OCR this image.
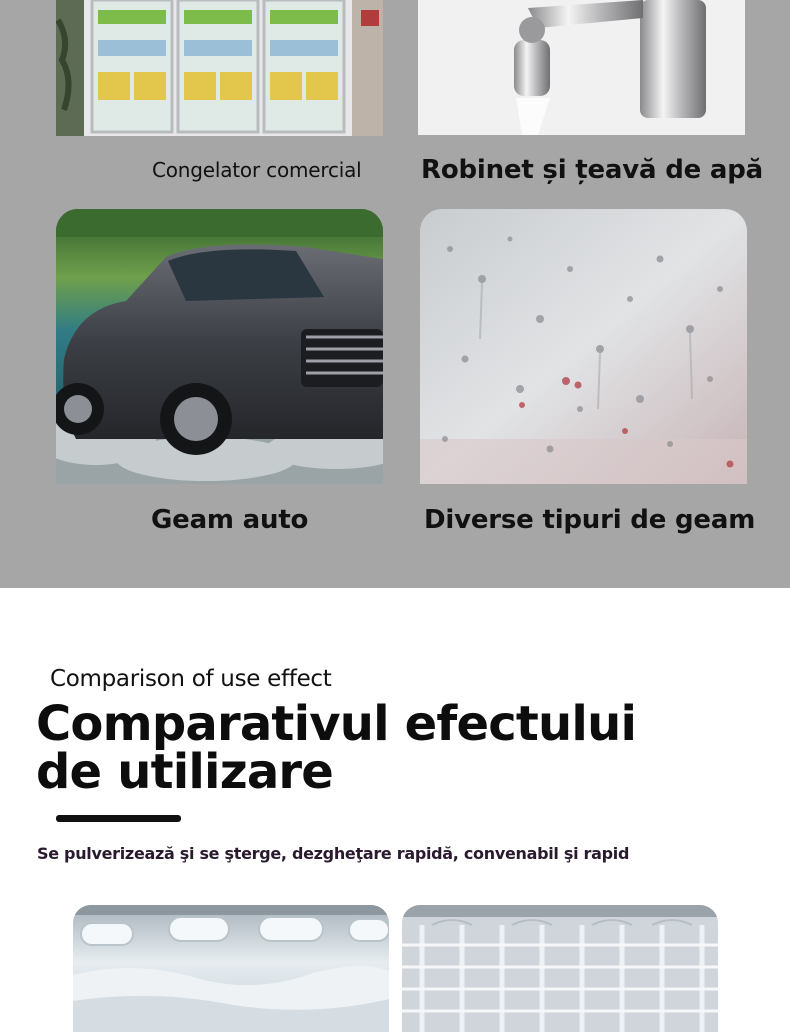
Congelator comercial Robinet și țeavă de apă
Geam auto	Diverse tipuri de geam
Comparison of use effect
Comparativul efectului
de utilizare
Se pulverizează şi se şterge, dezgheţare rapidă, convenabil şi rapid
